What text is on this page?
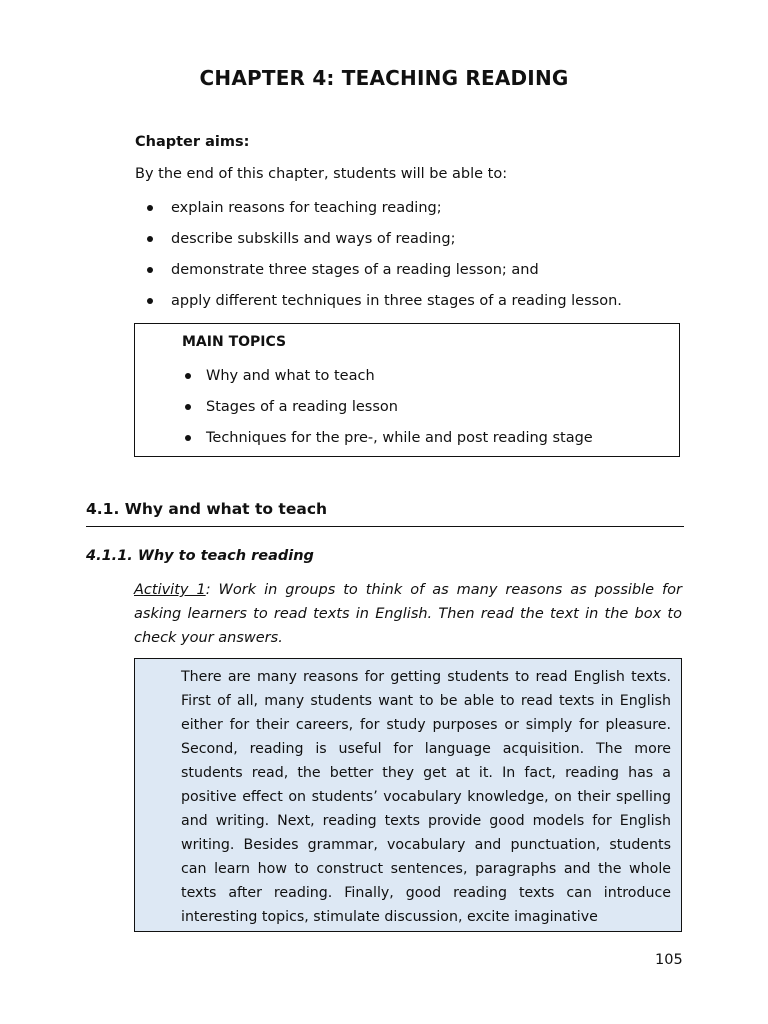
CHAPTER 4: TEACHING READING
Chapter aims:
By the end of this chapter, students will be able to:
explain reasons for teaching reading;
describe subskills and ways of reading;
demonstrate three stages of a reading lesson; and
apply different techniques in three stages of a reading lesson.
MAIN TOPICS
Why and what to teach
Stages of a reading lesson
Techniques for the pre-, while and post reading stage
4.1. Why and what to teach
4.1.1. Why to teach reading
Activity 1: Work in groups to think of as many reasons as possible for asking learners to read texts in English. Then read the text in the box to check your answers.
There are many reasons for getting students to read English texts. First of all, many students want to be able to read texts in English either for their careers, for study purposes or simply for pleasure. Second, reading is useful for language acquisition. The more students read, the better they get at it. In fact, reading has a positive effect on students’ vocabulary knowledge, on their spelling and writing. Next, reading texts provide good models for English writing. Besides grammar, vocabulary and punctuation, students can learn how to construct sentences, paragraphs and the whole texts after reading. Finally, good reading texts can introduce interesting topics, stimulate discussion, excite imaginative
105
